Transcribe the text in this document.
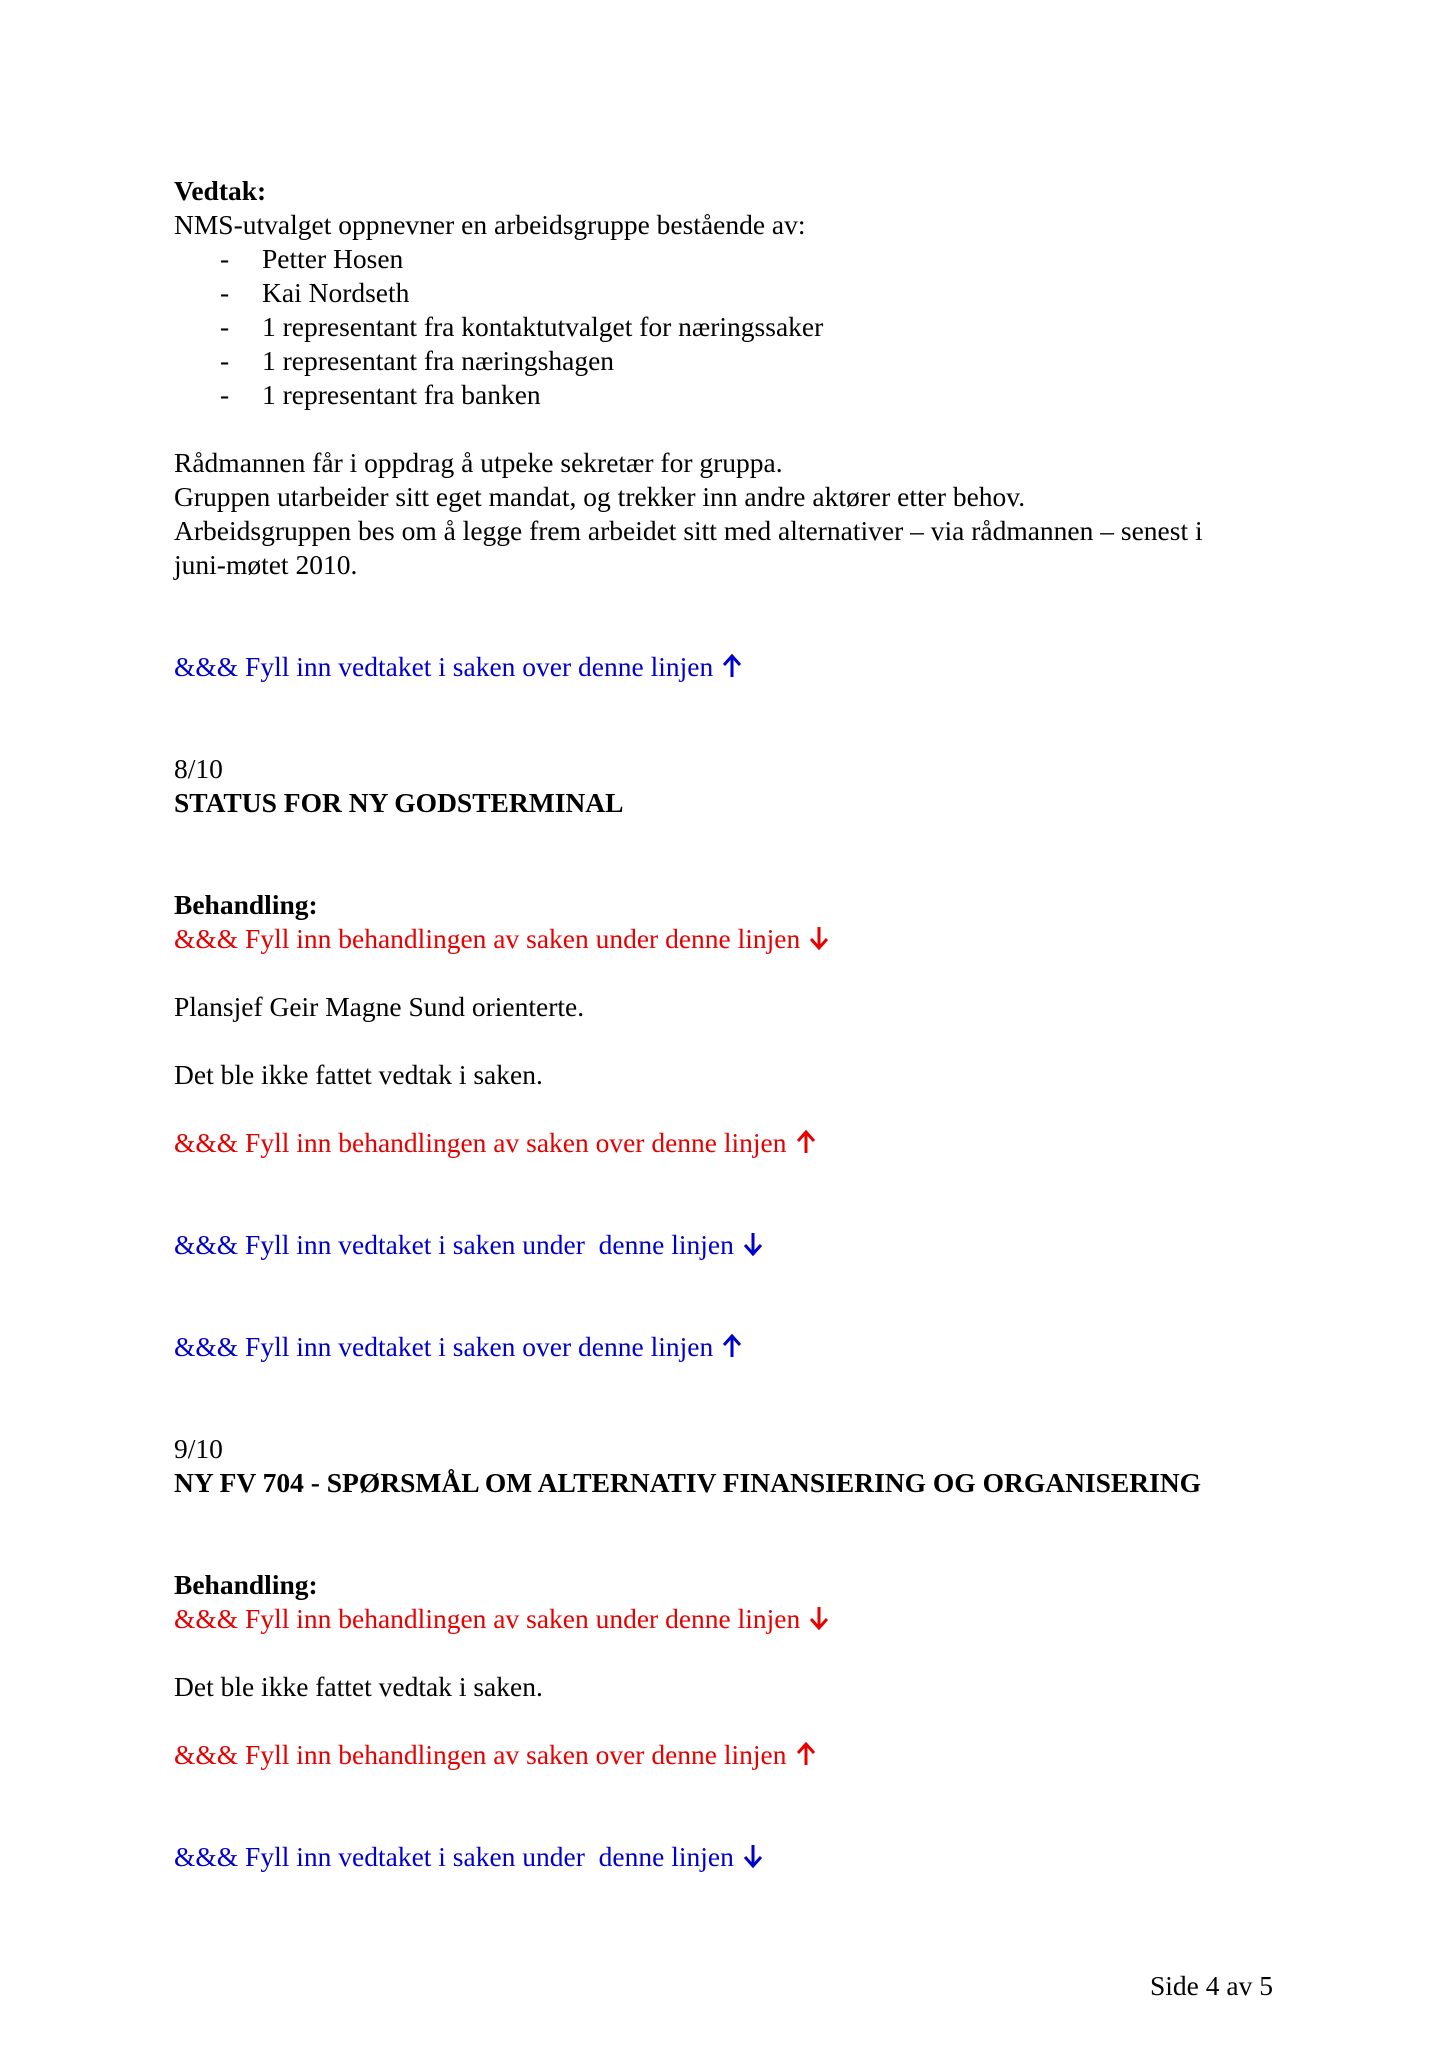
Vedtak:

NMS-utvalget oppnevner en arbeidsgruppe bestående av:

- Petter Hosen

- Kai Nordseth

- 1 representant fra kontaktutvalget for næringssaker

- 1 representant fra næringshagen

- 1 representant fra banken

Rådmannen får i oppdrag å utpeke sekretær for gruppa.

Gruppen utarbeider sitt eget mandat, og trekker inn andre aktører etter behov.

Arbeidsgruppen bes om å legge frem arbeidet sitt med alternativer – via rådmannen – senest i

juni-møtet 2010.

&&& Fyll inn vedtaket i saken over denne linjen

8/10

STATUS FOR NY GODSTERMINAL

Behandling:

&&& Fyll inn behandlingen av saken under denne linjen

Plansjef Geir Magne Sund orienterte.

Det ble ikke fattet vedtak i saken.

&&& Fyll inn behandlingen av saken over denne linjen

&&& Fyll inn vedtaket i saken under  denne linjen

&&& Fyll inn vedtaket i saken over denne linjen

9/10

NY FV 704 - SPØRSMÅL OM ALTERNATIV FINANSIERING OG ORGANISERING

Behandling:

&&& Fyll inn behandlingen av saken under denne linjen

Det ble ikke fattet vedtak i saken.

&&& Fyll inn behandlingen av saken over denne linjen

&&& Fyll inn vedtaket i saken under  denne linjen

Side 4 av 5
